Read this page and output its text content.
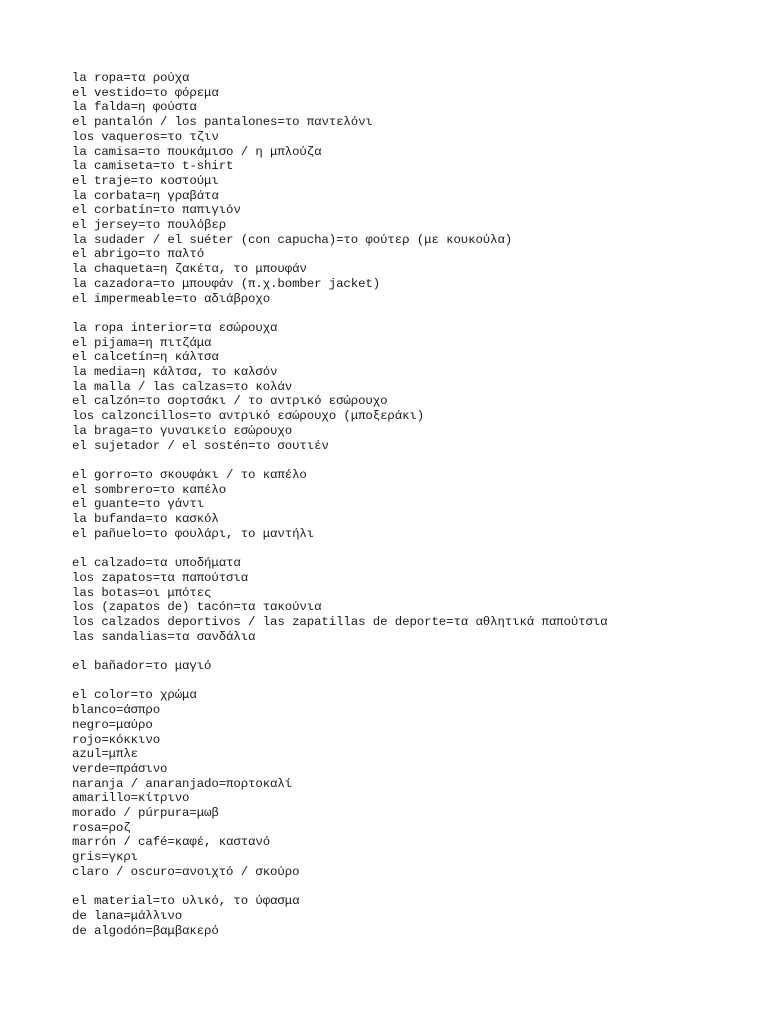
la ropa=τα ρούχα
el vestido=το φόρεμα
la falda=η φούστα
el pantalón / los pantalones=το παντελόνι
los vaqueros=το τζιν
la camisa=το πουκάμισο / η μπλούζα
la camiseta=το t-shirt
el traje=το κοστούμι
la corbata=η γραβάτα
el corbatín=το παπιγιόν
el jersey=το πουλόβερ
la sudader / el suéter (con capucha)=το φούτερ (με κουκούλα)
el abrigo=το παλτό
la chaqueta=η ζακέτα, το μπουφάν
la cazadora=το μπουφάν (π.χ.bomber jacket)
el impermeable=το αδιάβροχο
la ropa interior=τα εσώρουχα
el pijama=η πιτζάμα
el calcetín=η κάλτσα
la media=η κάλτσα, το καλσόν
la malla / las calzas=το κολάν
el calzón=το σορτσάκι / το αντρικό εσώρουχο
los calzoncillos=το αντρικό εσώρουχο (μποξεράκι)
la braga=το γυναικείο εσώρουχο
el sujetador / el sostén=το σουτιέν
el gorro=το σκουφάκι / το καπέλο
el sombrero=το καπέλο
el guante=το γάντι
la bufanda=το κασκόλ
el pañuelo=το φουλάρι, το μαντήλι
el calzado=τα υποδήματα
los zapatos=τα παπούτσια
las botas=οι μπότες
los (zapatos de) tacón=τα τακούνια
los calzados deportivos / las zapatillas de deporte=τα αθλητικά παπούτσια
las sandalias=τα σανδάλια
el bañador=το μαγιό
el color=το χρώμα
blanco=άσπρο
negro=μαύρο
rojo=κόκκινο
azul=μπλε
verde=πράσινο
naranja / anaranjado=πορτοκαλί
amarillo=κίτρινο
morado / púrpura=μωβ
rosa=ροζ
marrón / café=καφέ, καστανό
gris=γκρι
claro / oscuro=ανοιχτό / σκούρο
el material=το υλικό, το ύφασμα
de lana=μάλλινο
de algodón=βαμβακερό
